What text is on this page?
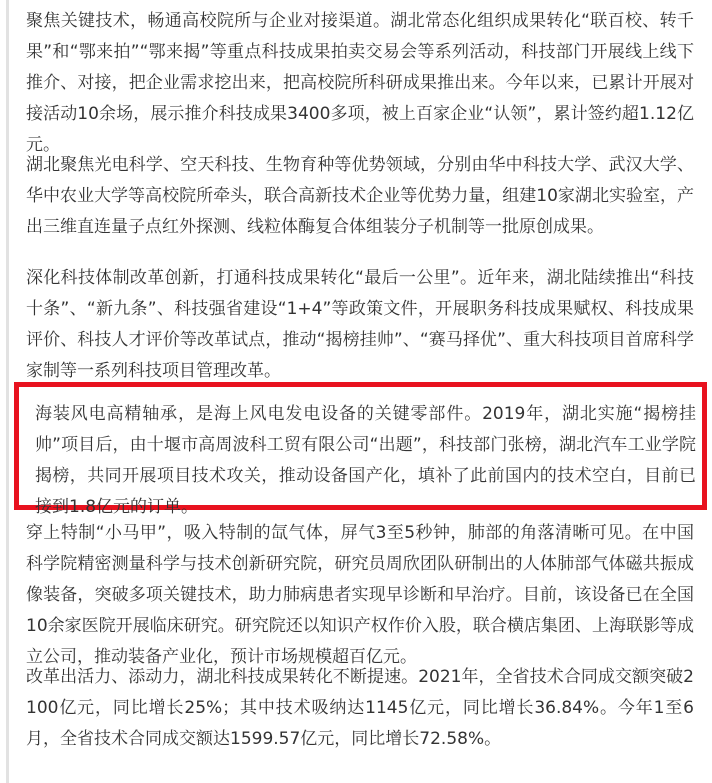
聚焦关键技术，畅通高校院所与企业对接渠道。湖北常态化组织成果转化“联百校、转千果”和“鄂来拍”“鄂来揭”等重点科技成果拍卖交易会等系列活动，科技部门开展线上线下推介、对接，把企业需求挖出来，把高校院所科研成果推出来。今年以来，已累计开展对接活动10余场，展示推介科技成果3400多项，被上百家企业“认领”，累计签约超1.12亿元。

湖北聚焦光电科学、空天科技、生物育种等优势领域，分别由华中科技大学、武汉大学、华中农业大学等高校院所牵头，联合高新技术企业等优势力量，组建10家湖北实验室，产出三维直连量子点红外探测、线粒体酶复合体组装分子机制等一批原创成果。

深化科技体制改革创新，打通科技成果转化“最后一公里”。近年来，湖北陆续推出“科技十条”、“新九条”、科技强省建设“1+4”等政策文件，开展职务科技成果赋权、科技成果评价、科技人才评价等改革试点，推动“揭榜挂帅”、“赛马择优”、重大科技项目首席科学家制等一系列科技项目管理改革。

海装风电高精轴承，是海上风电发电设备的关键零部件。2019年，湖北实施“揭榜挂帅”项目后，由十堰市高周波科工贸有限公司“出题”，科技部门张榜，湖北汽车工业学院揭榜，共同开展项目技术攻关，推动设备国产化，填补了此前国内的技术空白，目前已接到1.8亿元的订单。

穿上特制“小马甲”，吸入特制的氙气体，屏气3至5秒钟，肺部的角落清晰可见。在中国科学院精密测量科学与技术创新研究院，研究员周欣团队研制出的人体肺部气体磁共振成像装备，突破多项关键技术，助力肺病患者实现早诊断和早治疗。目前，该设备已在全国10余家医院开展临床研究。研究院还以知识产权作价入股，联合横店集团、上海联影等成立公司，推动装备产业化，预计市场规模超百亿元。

改革出活力、添动力，湖北科技成果转化不断提速。2021年，全省技术合同成交额突破2100亿元，同比增长25%；其中技术吸纳达1145亿元，同比增长36.84%。今年1至6月，全省技术合同成交额达1599.57亿元，同比增长72.58%。
